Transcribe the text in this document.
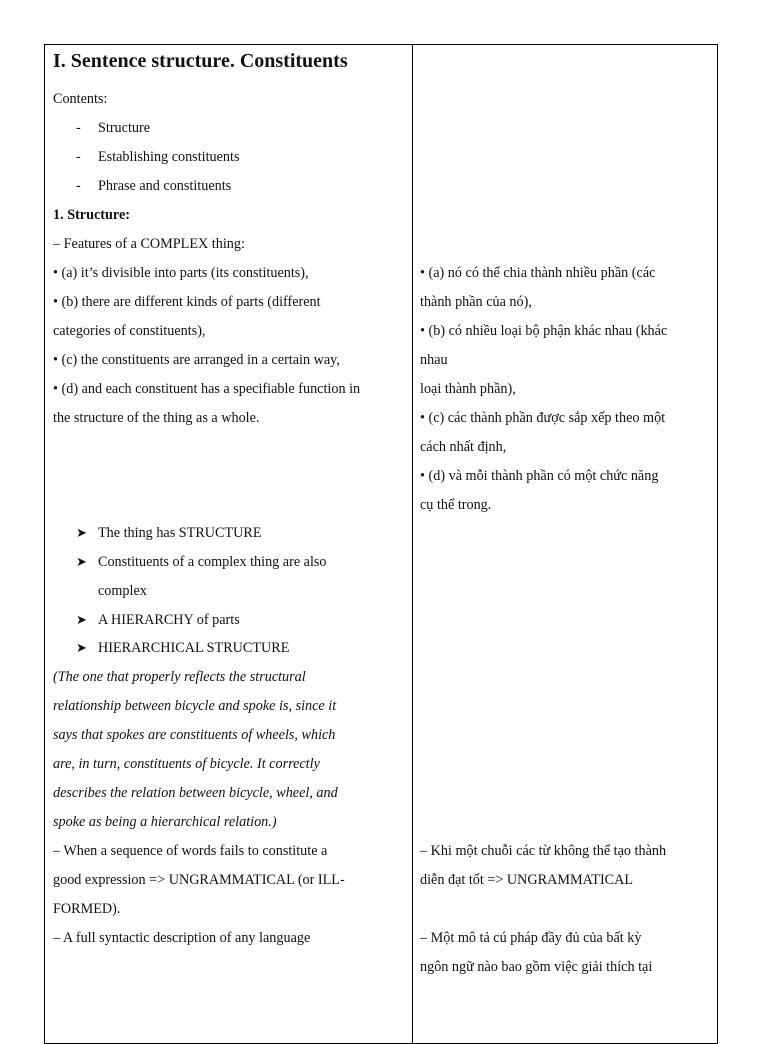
I. Sentence structure. Constituents
Contents:
- Structure
- Establishing constituents
- Phrase and constituents
1. Structure:
– Features of a COMPLEX thing:
• (a) it’s divisible into parts (its constituents),
• (b) there are different kinds of parts (different
categories of constituents),
• (c) the constituents are arranged in a certain way,
• (d) and each constituent has a specifiable function in
the structure of the thing as a whole.
➤ The thing has STRUCTURE
➤ Constituents of a complex thing are also
complex
➤ A HIERARCHY of parts
➤ HIERARCHICAL STRUCTURE
(The one that properly reflects the structural
relationship between bicycle and spoke is, since it
says that spokes are constituents of wheels, which
are, in turn, constituents of bicycle. It correctly
describes the relation between bicycle, wheel, and
spoke as being a hierarchical relation.)
– When a sequence of words fails to constitute a
good expression => UNGRAMMATICAL (or ILL-
FORMED).
– A full syntactic description of any language
• (a) nó có thể chia thành nhiều phần (các
thành phần của nó),
• (b) có nhiều loại bộ phận khác nhau (khác
nhau
loại thành phần),
• (c) các thành phần được sắp xếp theo một
cách nhất định,
• (d) và mỗi thành phần có một chức năng
cụ thể trong.
– Khi một chuỗi các từ không thể tạo thành
diễn đạt tốt => UNGRAMMATICAL
– Một mô tả cú pháp đầy đủ của bất kỳ
ngôn ngữ nào bao gồm việc giải thích tại
